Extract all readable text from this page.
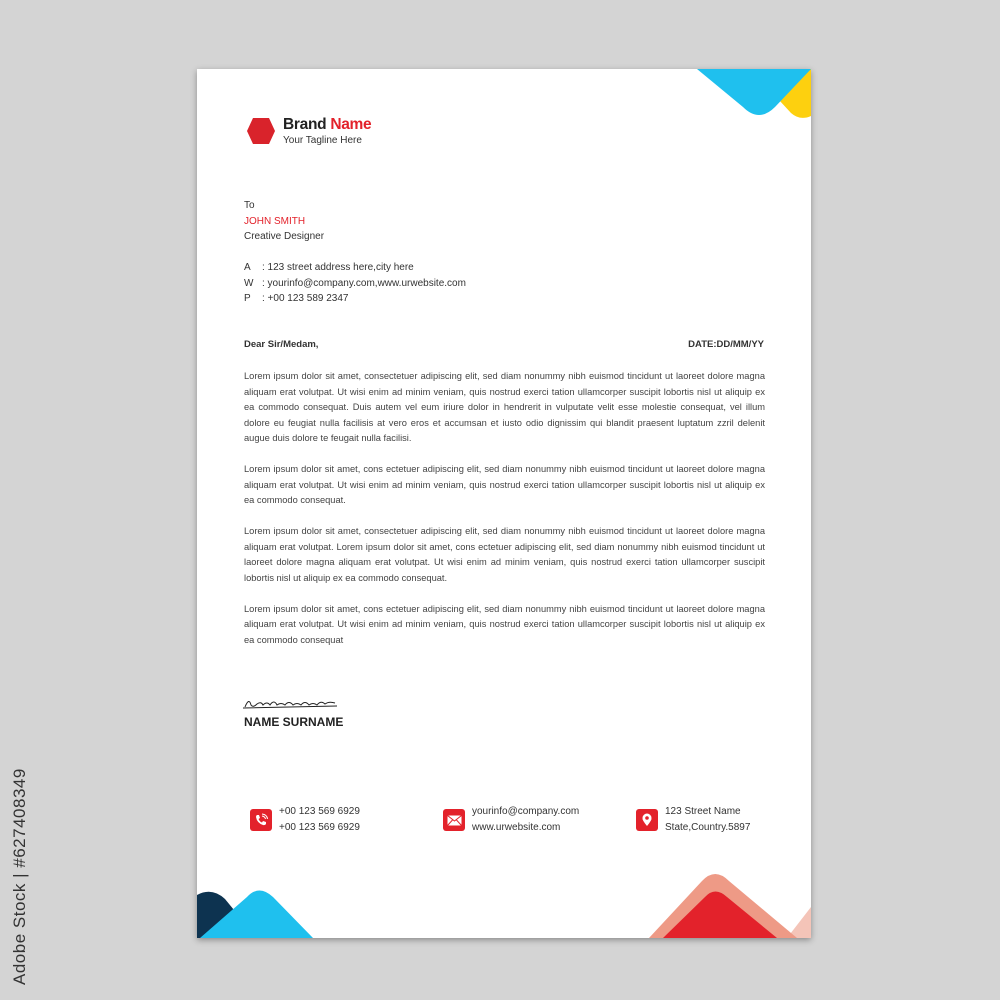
Adobe Stock | #627408349
Brand Name
Your Tagline Here
To
JOHN SMITH
Creative Designer
A	: 123 street address here,city here
W : yourinfo@company.com,www.urwebsite.com
P	: +00 123 589 2347
Dear Sir/Medam,	DATE:DD/MM/YY

Lorem ipsum dolor sit amet, consectetuer adipiscing elit, sed diam nonummy nibh euismod tincidunt ut laoreet dolore magna aliquam erat volutpat. Ut wisi enim ad minim veniam, quis nostrud exerci tation ullamcorper suscipit lobortis nisl ut aliquip ex ea commodo consequat. Duis autem vel eum iriure dolor in hendrerit in vulputate velit esse molestie consequat, vel illum dolore eu feugiat nulla facilisis at vero eros et accumsan et iusto odio dignissim qui blandit praesent luptatum zzril delenit augue duis dolore te feugait nulla facilisi.

Lorem ipsum dolor sit amet, cons ectetuer adipiscing elit, sed diam nonummy nibh euismod tincidunt ut laoreet dolore magna aliquam erat volutpat. Ut wisi enim ad minim veniam, quis nostrud exerci tation ullamcorper suscipit lobortis nisl ut aliquip ex ea commodo consequat.

Lorem ipsum dolor sit amet, consectetuer adipiscing elit, sed diam nonummy nibh euismod tincidunt ut laoreet dolore magna aliquam erat volutpat. Lorem ipsum dolor sit amet, cons ectetuer adipiscing elit, sed diam nonummy nibh euismod tincidunt ut laoreet dolore magna aliquam erat volutpat. Ut wisi enim ad minim veniam, quis nostrud exerci tation ullamcorper suscipit lobortis nisl ut aliquip ex ea commodo consequat.

Lorem ipsum dolor sit amet, cons ectetuer adipiscing elit, sed diam nonummy nibh euismod tincidunt ut laoreet dolore magna aliquam erat volutpat. Ut wisi enim ad minim veniam, quis nostrud exerci tation ullamcorper suscipit lobortis nisl ut aliquip ex ea commodo consequat

NAME SURNAME
+00 123 569 6929
+00 123 569 6929
yourinfo@company.com
www.urwebsite.com
123 Street Name
State,Country.5897
